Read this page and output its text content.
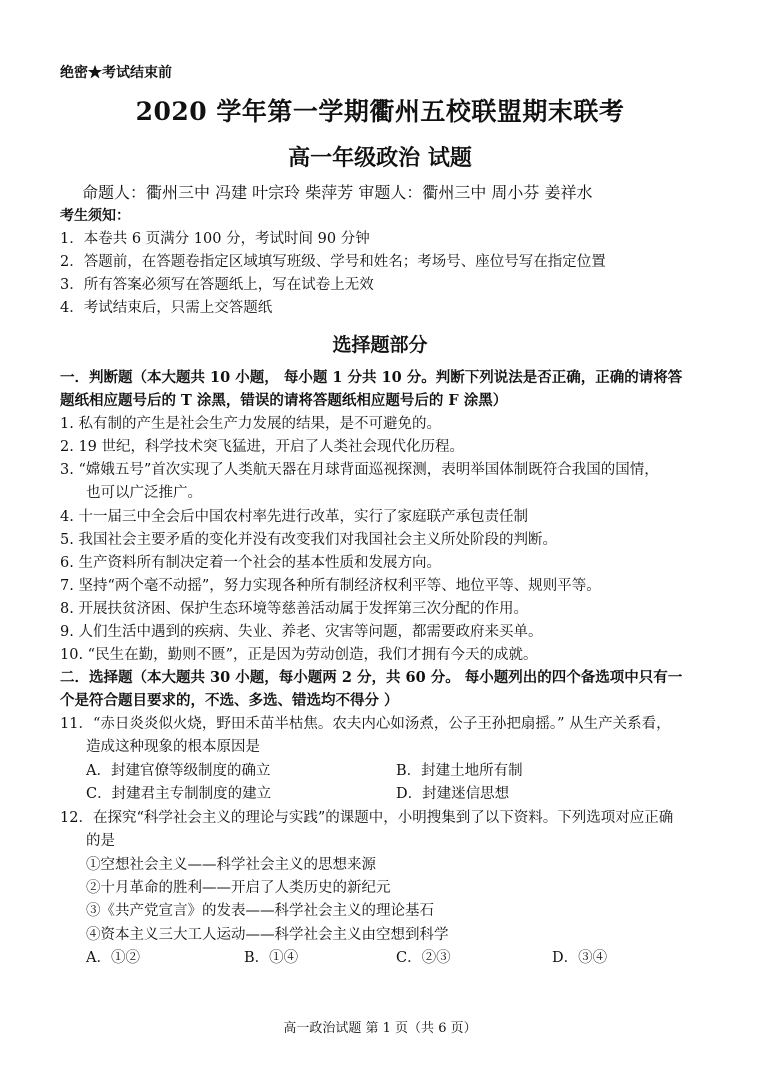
绝密★考试结束前
2020 学年第一学期衢州五校联盟期末联考
高一年级政治 试题
命题人：衢州三中 冯建 叶宗玲 柴萍芳 审题人：衢州三中 周小芬 姜祥水
考生须知：
1．本卷共 6 页满分 100 分，考试时间 90 分钟
2．答题前，在答题卷指定区域填写班级、学号和姓名；考场号、座位号写在指定位置
3．所有答案必须写在答题纸上，写在试卷上无效
4．考试结束后，只需上交答题纸
选择题部分
一．判断题（本大题共 10 小题， 每小题 1 分共 10 分。判断下列说法是否正确，正确的请将答
题纸相应题号后的 T 涂黑，错误的请将答题纸相应题号后的 F 涂黑）
1. 私有制的产生是社会生产力发展的结果，是不可避免的。
2. 19 世纪，科学技术突飞猛进，开启了人类社会现代化历程。
3. “嫦娥五号”首次实现了人类航天器在月球背面巡视探测，表明举国体制既符合我国的国情，
也可以广泛推广。
4. 十一届三中全会后中国农村率先进行改革，实行了家庭联产承包责任制
5. 我国社会主要矛盾的变化并没有改变我们对我国社会主义所处阶段的判断。
6. 生产资料所有制决定着一个社会的基本性质和发展方向。
7. 坚持“两个毫不动摇”，努力实现各种所有制经济权利平等、地位平等、规则平等。
8. 开展扶贫济困、保护生态环境等慈善活动属于发挥第三次分配的作用。
9. 人们生活中遇到的疾病、失业、养老、灾害等问题，都需要政府来买单。
10. “民生在勤，勤则不匮”，正是因为劳动创造，我们才拥有今天的成就。
二．选择题（本大题共 30 小题，每小题两 2 分，共 60 分。 每小题列出的四个备选项中只有一
个是符合题目要求的，不选、多选、错选均不得分 ）
11．“赤日炎炎似火烧，野田禾苗半枯焦。农夫内心如汤煮，公子王孙把扇摇。” 从生产关系看，
造成这种现象的根本原因是
A．封建官僚等级制度的确立	B．封建土地所有制
C．封建君主专制制度的建立	D．封建迷信思想
12．在探究“科学社会主义的理论与实践”的课题中，小明搜集到了以下资料。下列选项对应正确
的是
①空想社会主义——科学社会主义的思想来源
②十月革命的胜利——开启了人类历史的新纪元
③《共产党宣言》的发表——科学社会主义的理论基石
④资本主义三大工人运动——科学社会主义由空想到科学
A．①②	B．①④	C．②③	D．③④
高一政治试题 第 1 页（共 6 页）
